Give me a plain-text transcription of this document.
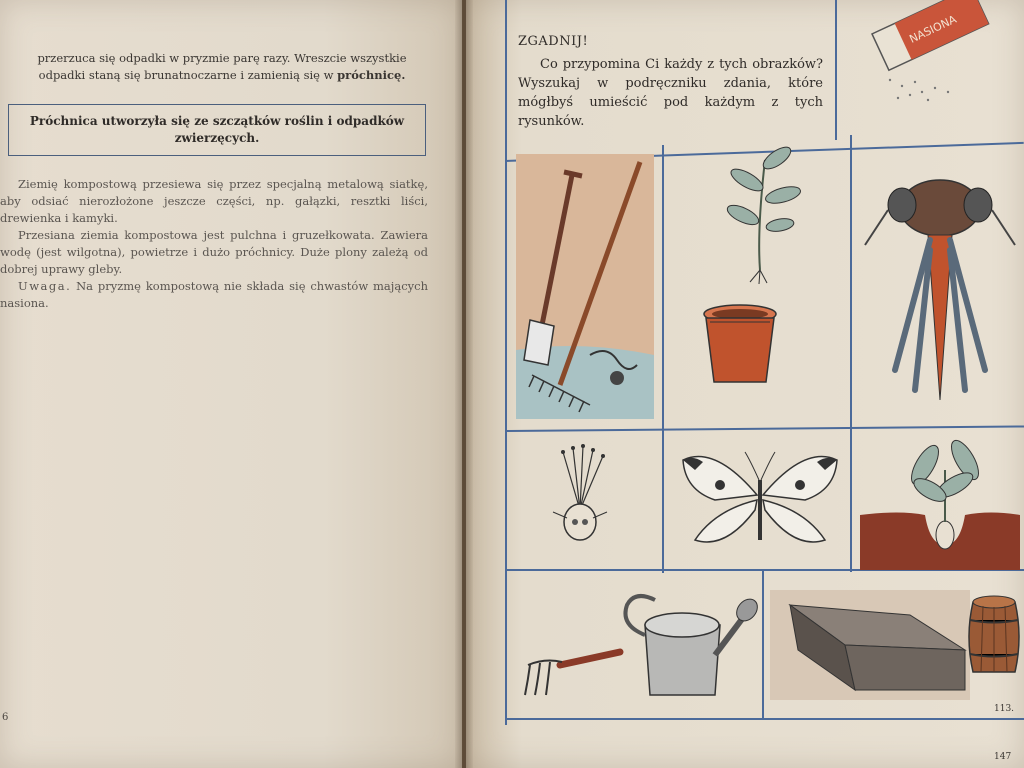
przerzuca się odpadki w pryzmie parę razy. Wreszcie wszystkie
odpadki staną się brunatnoczarne i zamienią się w próchnicę.
Próchnica utworzyła się ze szczątków roślin i odpadków zwierzęcych.

Ziemię kompostową przesiewa się przez specjalną metalową siatkę, aby odsiać nierozłożone jeszcze części, np. gałązki, resztki liści, drewienka i kamyki.

Przesiana ziemia kompostowa jest pulchna i gruzełkowata. Zawiera wodę (jest wilgotna), powietrze i dużo próchnicy. Duże plony zależą od dobrej uprawy gleby.

Uwaga. Na pryzmę kompostową nie składa się chwastów mających nasiona.

6
ZGADNIJ!

Co przypomina Ci każdy z tych obrazków? Wyszukaj w podręczniku zdania, które mógłbyś umieścić pod każdym z tych rysunków.

NASIONA
113.
147
